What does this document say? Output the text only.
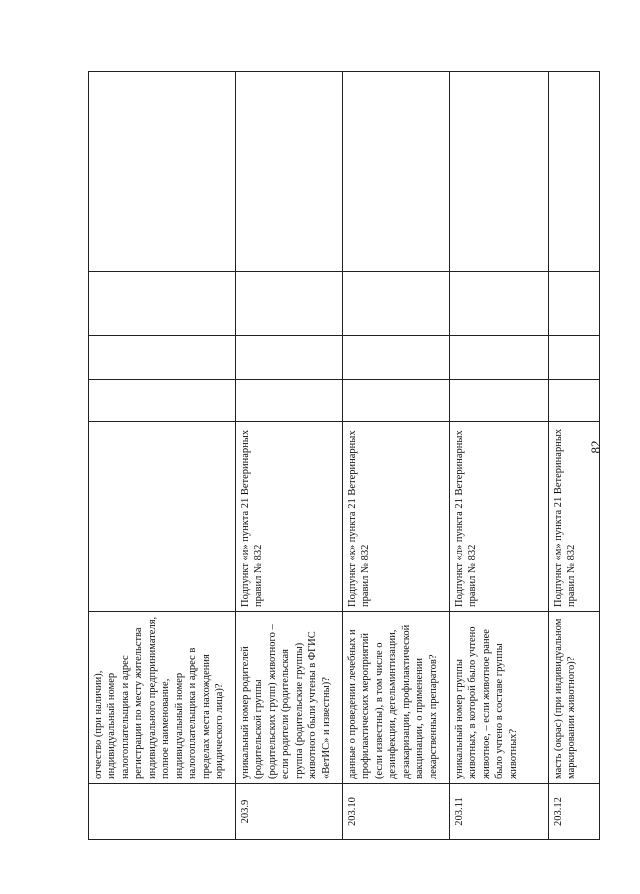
82
	отчество (при наличии), индивидуальный номер налогоплательщика и адрес регистрации по месту жительства индивидуального предпринимателя, полное наименование, индивидуальный номер налогоплательщика и адрес в пределах места нахождения юридического лица)?					
203.9	уникальный номер родителей (родительской группы (родительских групп) животного – если родители (родительская группа (родительские группы) животного были учтены в ФГИС «ВетИС» и известны)?	Подпункт «и» пункта 21 Ветеринарных правил № 832				
203.10	данные о проведении лечебных и профилактических мероприятий (если известны), в том числе о дезинфекции, дегельминтизации, дезакаризации, профилактической вакцинации, о применении лекарственных препаратов?	Подпункт «к» пункта 21 Ветеринарных правил № 832				
203.11	уникальный номер группы животных, в которой было учтено животное, – если животное ранее было учтено в составе группы животных?	Подпункт «л» пункта 21 Ветеринарных правил № 832				
203.12	масть (окрас) (при индивидуальном маркировании животного)?	Подпункт «м» пункта 21 Ветеринарных правил № 832				
